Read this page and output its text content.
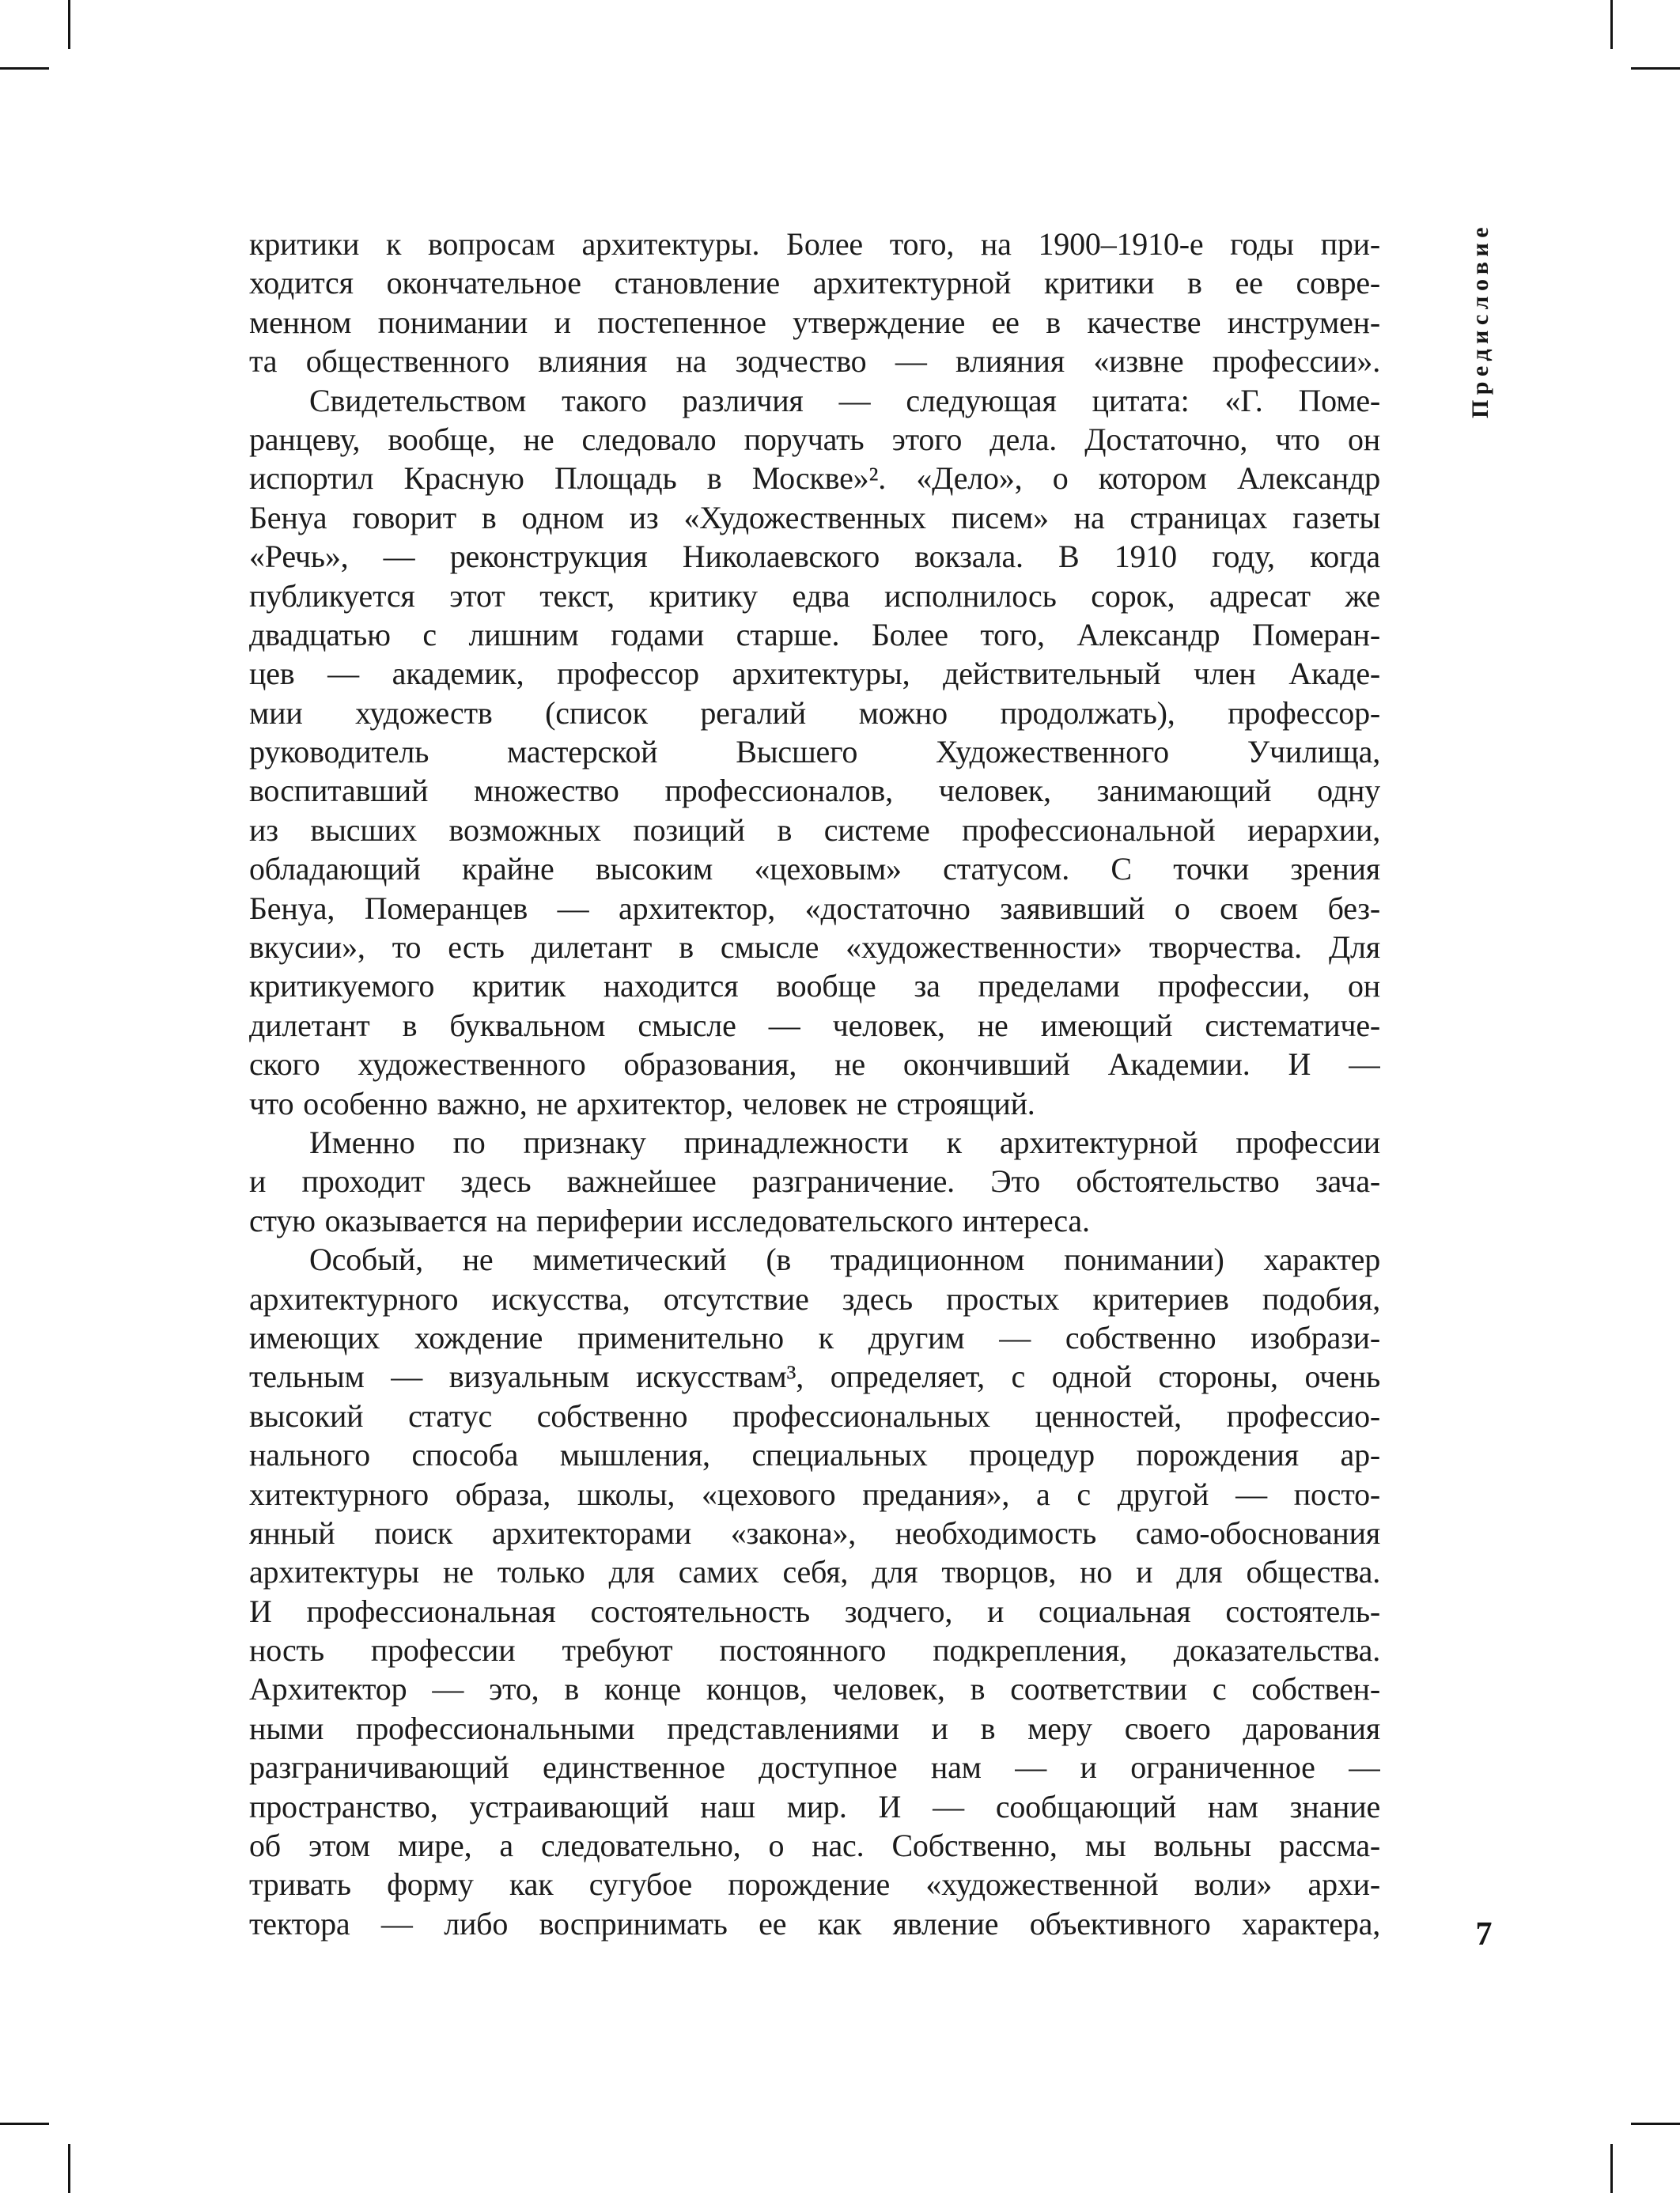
Предисловие
критики к вопросам архитектуры. Более того, на 1900–1910-е годы при-
ходится окончательное становление архитектурной критики в ее совре-
менном понимании и постепенное утверждение ее в качестве инструмен-
та общественного влияния на зодчество — влияния «извне профессии».
Свидетельством такого различия — следующая цитата: «Г. Поме-
ранцеву, вообще, не следовало поручать этого дела. Достаточно, что он
испортил Красную Площадь в Москве»². «Дело», о котором Александр
Бенуа говорит в одном из «Художественных писем» на страницах газеты
«Речь», — реконструкция Николаевского вокзала. В 1910 году, когда
публикуется этот текст, критику едва исполнилось сорок, адресат же
двадцатью с лишним годами старше. Более того, Александр Померан-
цев — академик, профессор архитектуры, действительный член Акаде-
мии художеств (список регалий можно продолжать), профессор-
руководитель мастерской Высшего Художественного Училища,
воспитавший множество профессионалов, человек, занимающий одну
из высших возможных позиций в системе профессиональной иерархии,
обладающий крайне высоким «цеховым» статусом. С точки зрения
Бенуа, Померанцев — архитектор, «достаточно заявивший о своем без-
вкусии», то есть дилетант в смысле «художественности» творчества. Для
критикуемого критик находится вообще за пределами профессии, он
дилетант в буквальном смысле — человек, не имеющий систематиче-
ского художественного образования, не окончивший Академии. И —
что особенно важно, не архитектор, человек не строящий.
Именно по признаку принадлежности к архитектурной профессии
и проходит здесь важнейшее разграничение. Это обстоятельство зача-
стую оказывается на периферии исследовательского интереса.
Особый, не миметический (в традиционном понимании) характер
архитектурного искусства, отсутствие здесь простых критериев подобия,
имеющих хождение применительно к другим — собственно изобрази-
тельным — визуальным искусствам³, определяет, с одной стороны, очень
высокий статус собственно профессиональных ценностей, профессио-
нального способа мышления, специальных процедур порождения ар-
хитектурного образа, школы, «цехового предания», а с другой — посто-
янный поиск архитекторами «закона», необходимость само-обоснования
архитектуры не только для самих себя, для творцов, но и для общества.
И профессиональная состоятельность зодчего, и социальная состоятель-
ность профессии требуют постоянного подкрепления, доказательства.
Архитектор — это, в конце концов, человек, в соответствии с собствен-
ными профессиональными представлениями и в меру своего дарования
разграничивающий единственное доступное нам — и ограниченное —
пространство, устраивающий наш мир. И — сообщающий нам знание
об этом мире, а следовательно, о нас. Собственно, мы вольны рассма-
тривать форму как сугубое порождение «художественной воли» архи-
тектора — либо воспринимать ее как явление объективного характера,	7
